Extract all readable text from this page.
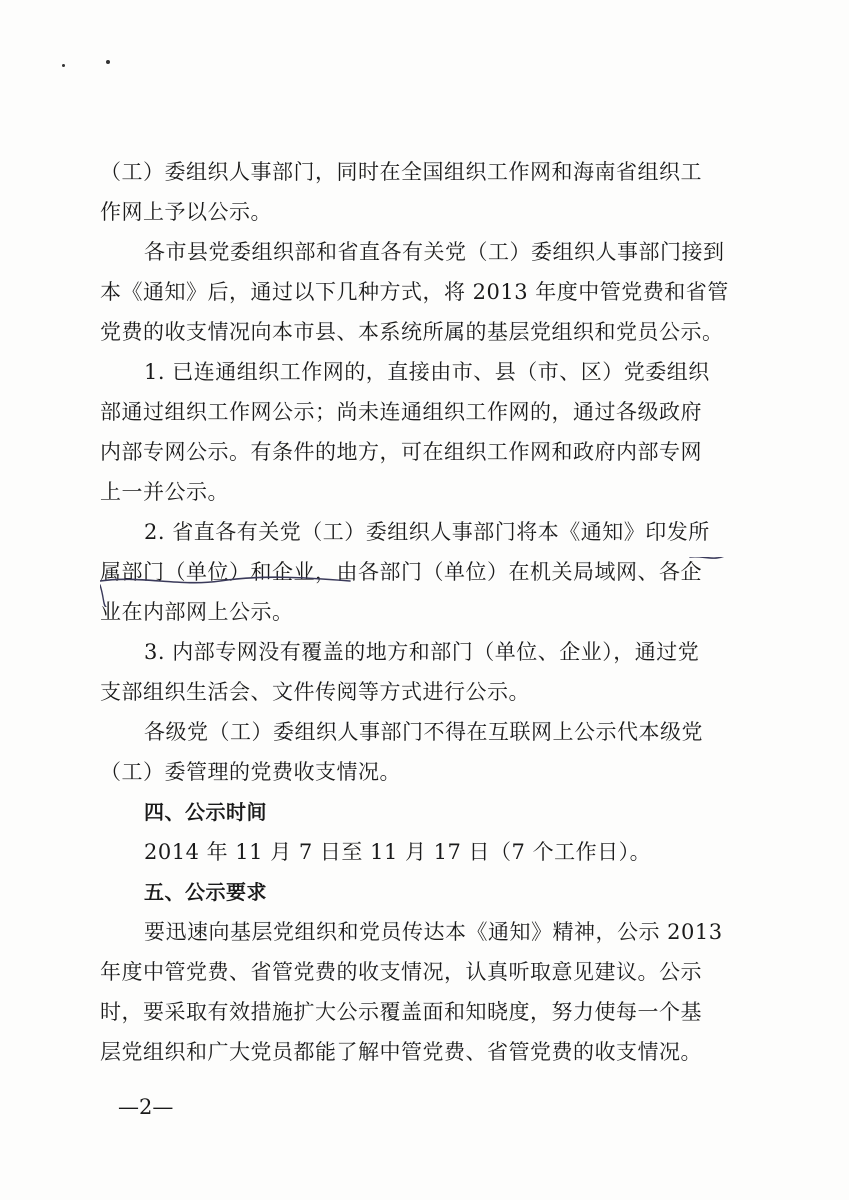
（工）委组织人事部门，同时在全国组织工作网和海南省组织工
作网上予以公示。
各市县党委组织部和省直各有关党（工）委组织人事部门接到
本《通知》后，通过以下几种方式，将 2013 年度中管党费和省管
党费的收支情况向本市县、本系统所属的基层党组织和党员公示。
1. 已连通组织工作网的，直接由市、县（市、区）党委组织
部通过组织工作网公示；尚未连通组织工作网的，通过各级政府
内部专网公示。有条件的地方，可在组织工作网和政府内部专网
上一并公示。
2. 省直各有关党（工）委组织人事部门将本《通知》印发所
属部门（单位）和企业，由各部门（单位）在机关局域网、各企
业在内部网上公示。
3. 内部专网没有覆盖的地方和部门（单位、企业），通过党
支部组织生活会、文件传阅等方式进行公示。
各级党（工）委组织人事部门不得在互联网上公示代本级党
（工）委管理的党费收支情况。
四、公示时间
2014 年 11 月 7 日至 11 月 17 日（7 个工作日）。
五、公示要求
要迅速向基层党组织和党员传达本《通知》精神，公示 2013
年度中管党费、省管党费的收支情况，认真听取意见建议。公示
时，要采取有效措施扩大公示覆盖面和知晓度，努力使每一个基
层党组织和广大党员都能了解中管党费、省管党费的收支情况。
—2—
